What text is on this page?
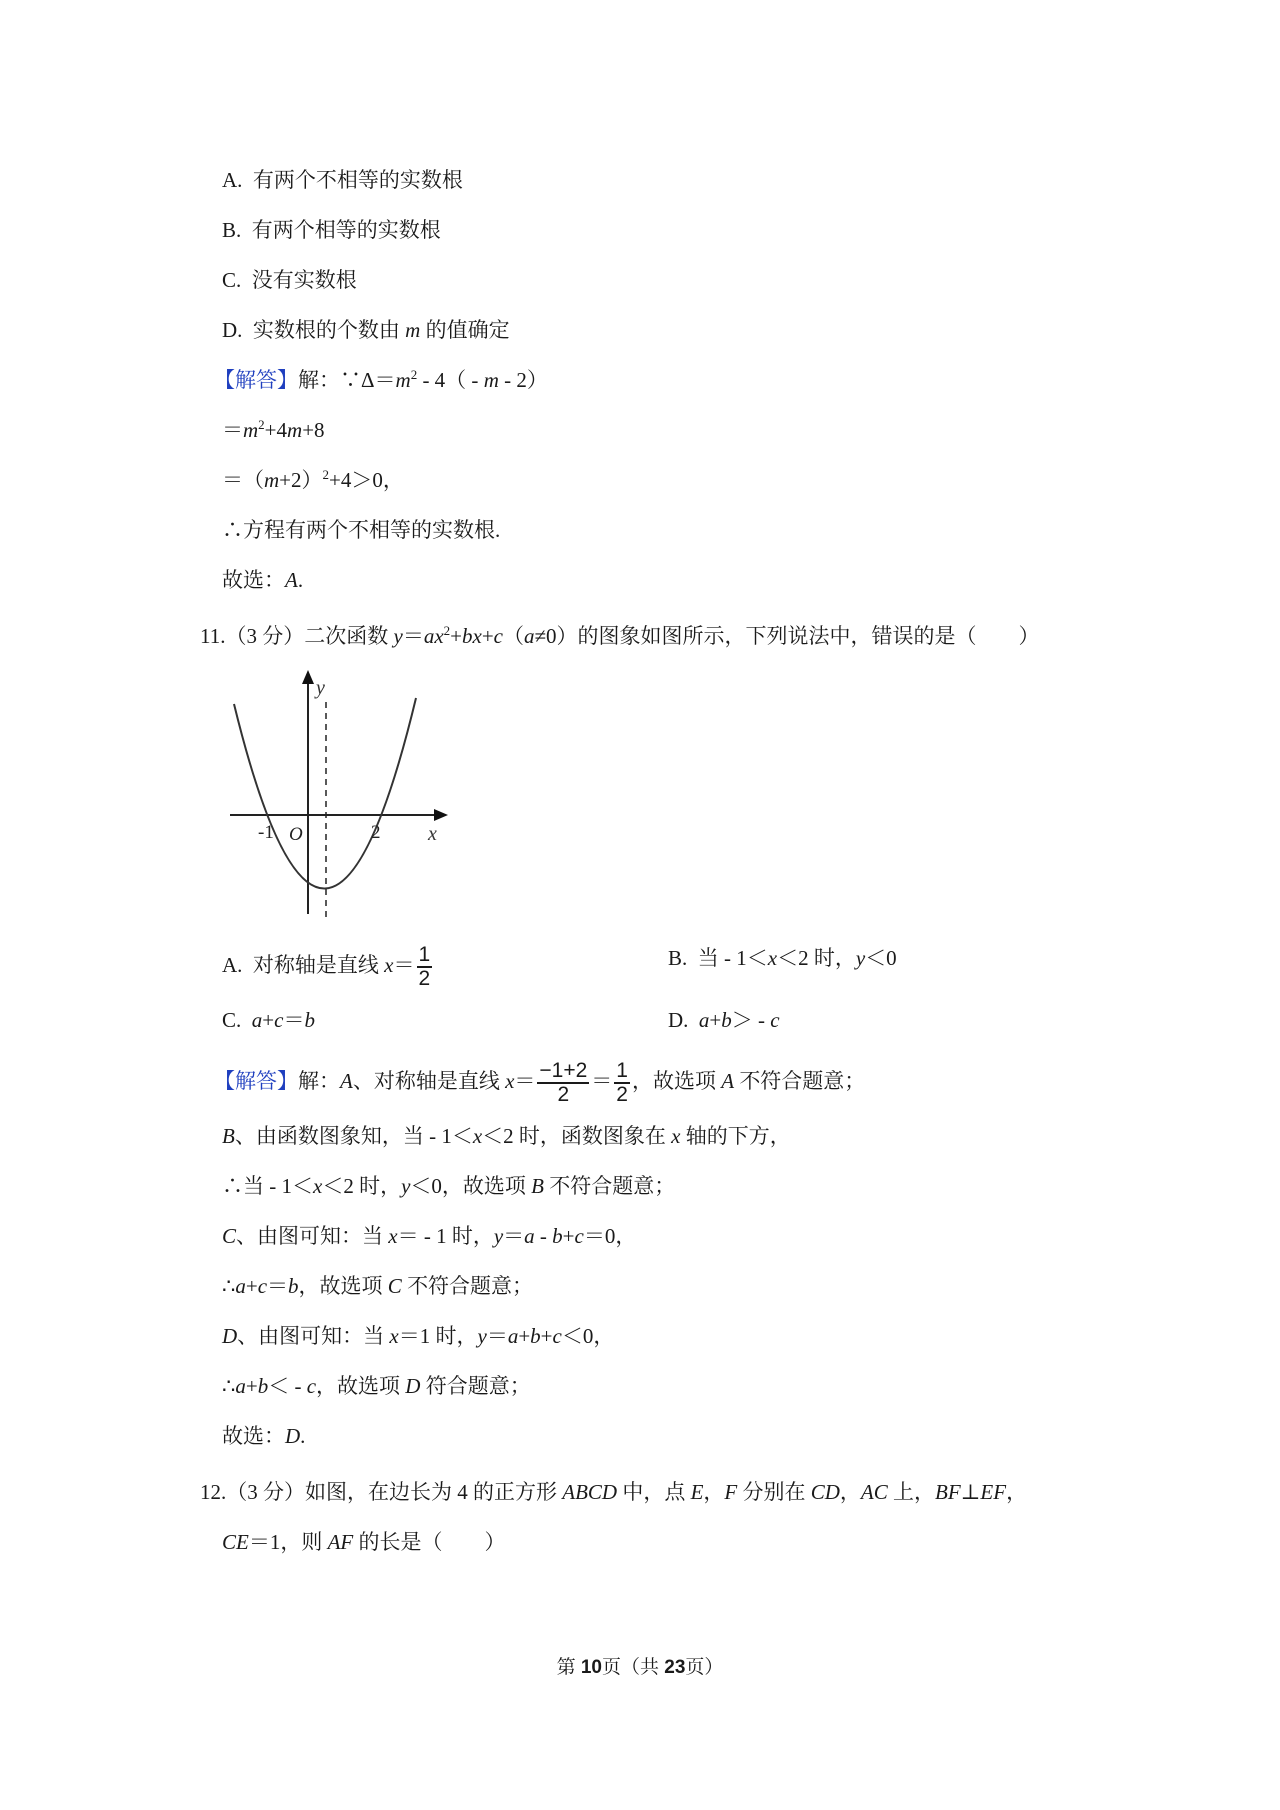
A. 有两个不相等的实数根
B. 有两个相等的实数根
C. 没有实数根
D. 实数根的个数由 m 的值确定
【解答】解：$\because\Delta=m^2 - 4( - m - 2)$
$=m^2+4m+8$
$=(m+2)^2+4>0$，
∴方程有两个不相等的实数根.
故选：A.
11.（3 分）二次函数 $y=ax^2+bx+c(a\ne 0)$的图象如图所示，下列说法中，错误的是（　　）
y
x
O
-1	2
A.  对称轴是直线 $x= \frac{1}{2}$	B.  当 - 1＜x＜2 时，y＜0
C.  a+c＝b	D.  a+b＞ - c
【解答】解：A、对称轴是直线 $x= \frac{-1+2}{2} = \frac{1}{2}$ ，故选项 A 不符合题意；
B、由函数图象知，当 - 1＜x＜2 时，函数图象在 x 轴的下方，
∴当 - 1＜x＜2 时，y＜0，故选项 B 不符合题意；
C、由图可知：当 x＝ - 1 时，y＝a - b+c＝0，
∴a+c＝b，故选项 C 不符合题意；
D、由图可知：当 x＝1 时，y＝a+b+c＜0，
∴a+b＜ - c，故选项 D 符合题意；
故选：D.
12.（3 分）如图，在边长为 4 的正方形 ABCD 中，点 E，F 分别在 CD，AC 上，BF⊥EF，
CE＝1，则 AF 的长是（　　）
第 10页（共 23页）
